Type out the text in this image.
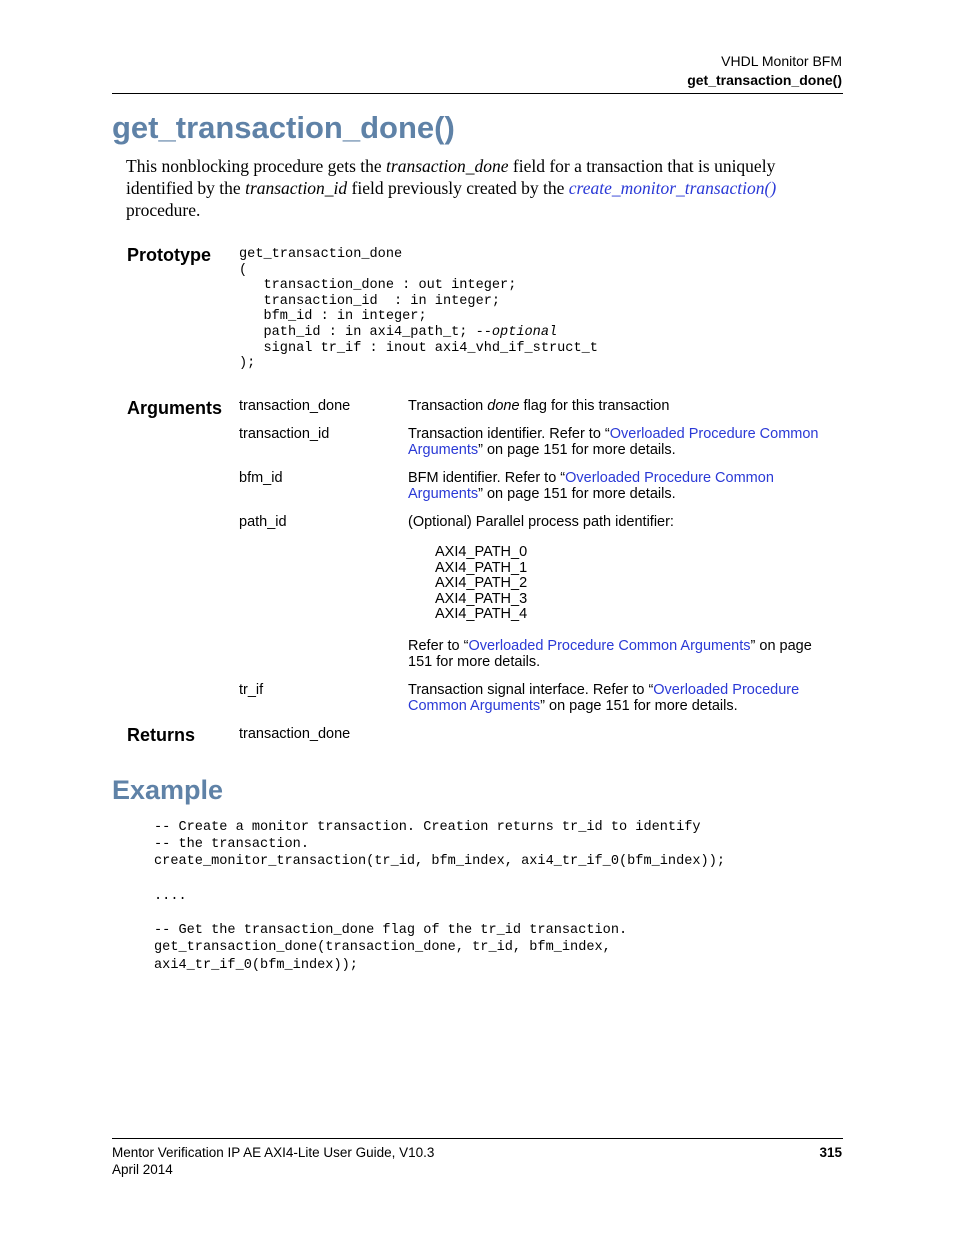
VHDL Monitor BFM
get_transaction_done()
get_transaction_done()
This nonblocking procedure gets the transaction_done field for a transaction that is uniquely identified by the transaction_id field previously created by the create_monitor_transaction() procedure.
Prototype get_transaction_done
(
transaction_done : out integer;
transaction_id  : in integer;
bfm_id : in integer;
path_id : in axi4_path_t; --optional
signal tr_if : inout axi4_vhd_if_struct_t
);
Arguments transaction_done	Transaction done flag for this transaction
transaction_id	Transaction identifier. Refer to “Overloaded Procedure Common Arguments” on page 151 for more details.
bfm_id	BFM identifier. Refer to “Overloaded Procedure Common Arguments” on page 151 for more details.
path_id	(Optional) Parallel process path identifier:
AXI4_PATH_0
AXI4_PATH_1
AXI4_PATH_2
AXI4_PATH_3
AXI4_PATH_4
Refer to “Overloaded Procedure Common Arguments” on page 151 for more details.
tr_if	Transaction signal interface. Refer to “Overloaded Procedure Common Arguments” on page 151 for more details.
Returns	transaction_done
Example
-- Create a monitor transaction. Creation returns tr_id to identify
-- the transaction.
create_monitor_transaction(tr_id, bfm_index, axi4_tr_if_0(bfm_index));
....
-- Get the transaction_done flag of the tr_id transaction.
get_transaction_done(transaction_done, tr_id, bfm_index,
axi4_tr_if_0(bfm_index));
Mentor Verification IP AE AXI4-Lite User Guide, V10.3
April 2014
315
